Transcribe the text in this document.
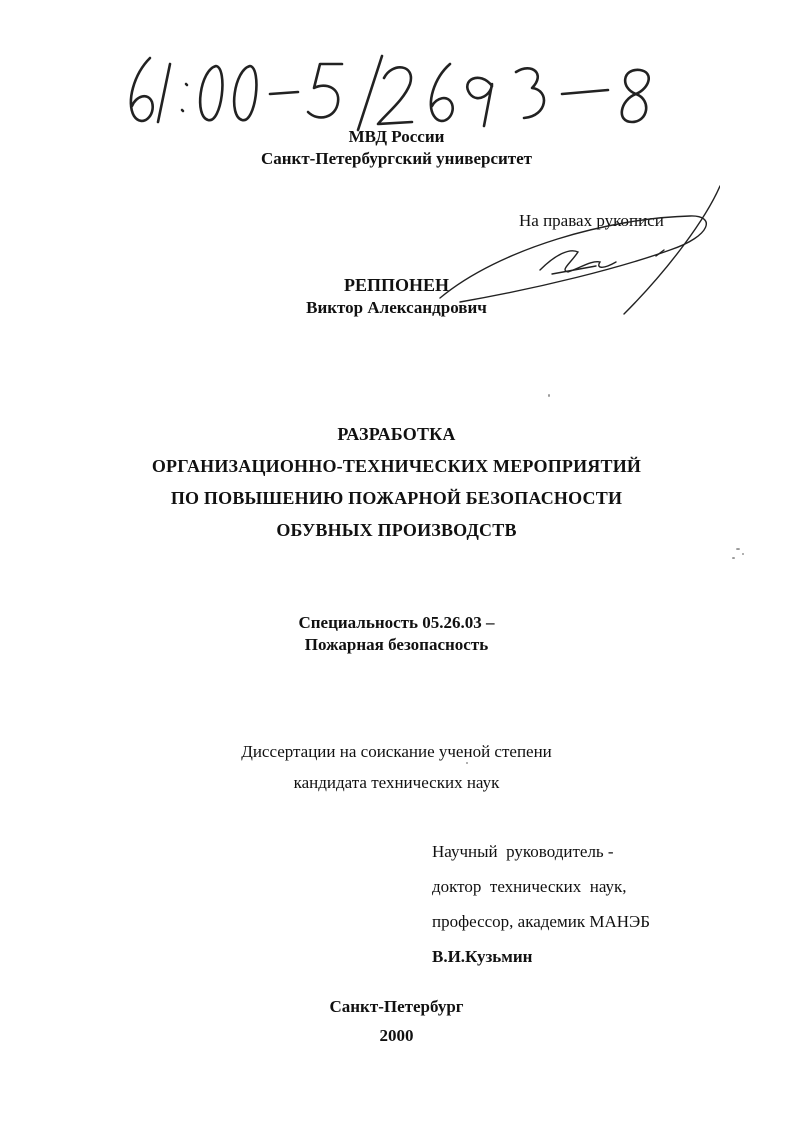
МВД России
Санкт-Петербургский университет
На правах рукописи
РЕППОНЕН
Виктор Александрович
РАЗРАБОТКА
ОРГАНИЗАЦИОННО-ТЕХНИЧЕСКИХ МЕРОПРИЯТИЙ
ПО ПОВЫШЕНИЮ ПОЖАРНОЙ БЕЗОПАСНОСТИ
ОБУВНЫХ ПРОИЗВОДСТВ
Специальность 05.26.03 –
Пожарная безопасность
Диссертации на соискание ученой степени
кандидата технических наук
Научный  руководитель -
доктор  технических  наук,
профессор, академик МАНЭБ
В.И.Кузьмин
Санкт-Петербург
2000
